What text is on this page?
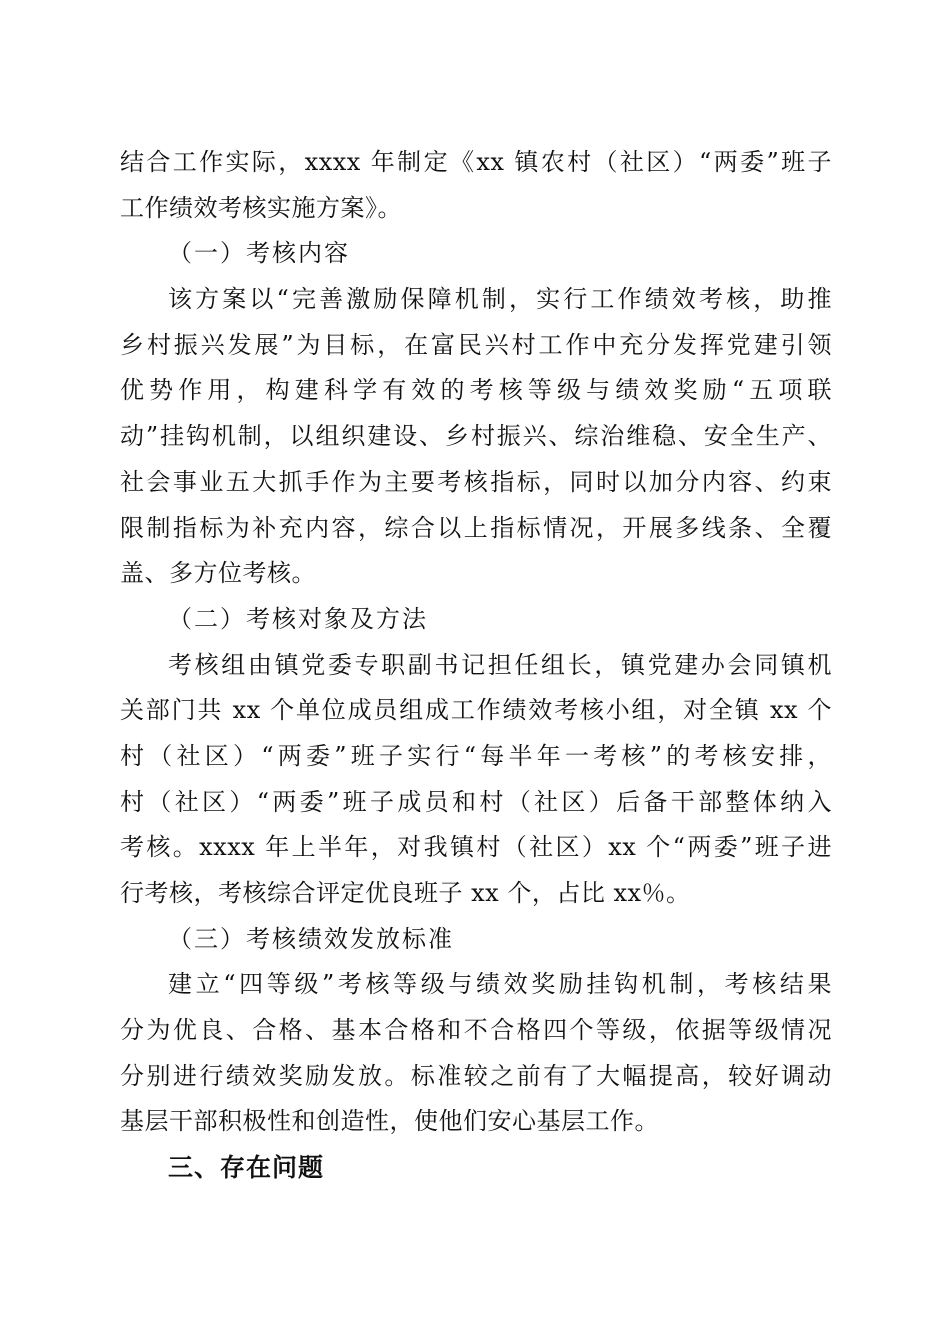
结合工作实际，xxxx 年制定《xx 镇农村（社区）“两委”班子
工作绩效考核实施方案》。
（一）考核内容
该方案以“完善激励保障机制，实行工作绩效考核，助推
乡村振兴发展”为目标，在富民兴村工作中充分发挥党建引领
优势作用，构建科学有效的考核等级与绩效奖励“五项联
动”挂钩机制，以组织建设、乡村振兴、综治维稳、安全生产、
社会事业五大抓手作为主要考核指标，同时以加分内容、约束
限制指标为补充内容，综合以上指标情况，开展多线条、全覆
盖、多方位考核。
（二）考核对象及方法
考核组由镇党委专职副书记担任组长，镇党建办会同镇机
关部门共 xx 个单位成员组成工作绩效考核小组，对全镇 xx 个
村（社区）“两委”班子实行“每半年一考核”的考核安排，
村（社区）“两委”班子成员和村（社区）后备干部整体纳入
考核。xxxx 年上半年，对我镇村（社区）xx 个“两委”班子进
行考核，考核综合评定优良班子 xx 个，占比 xx％。
（三）考核绩效发放标准
建立“四等级”考核等级与绩效奖励挂钩机制，考核结果
分为优良、合格、基本合格和不合格四个等级，依据等级情况
分别进行绩效奖励发放。标准较之前有了大幅提高，较好调动
基层干部积极性和创造性，使他们安心基层工作。
三、存在问题
